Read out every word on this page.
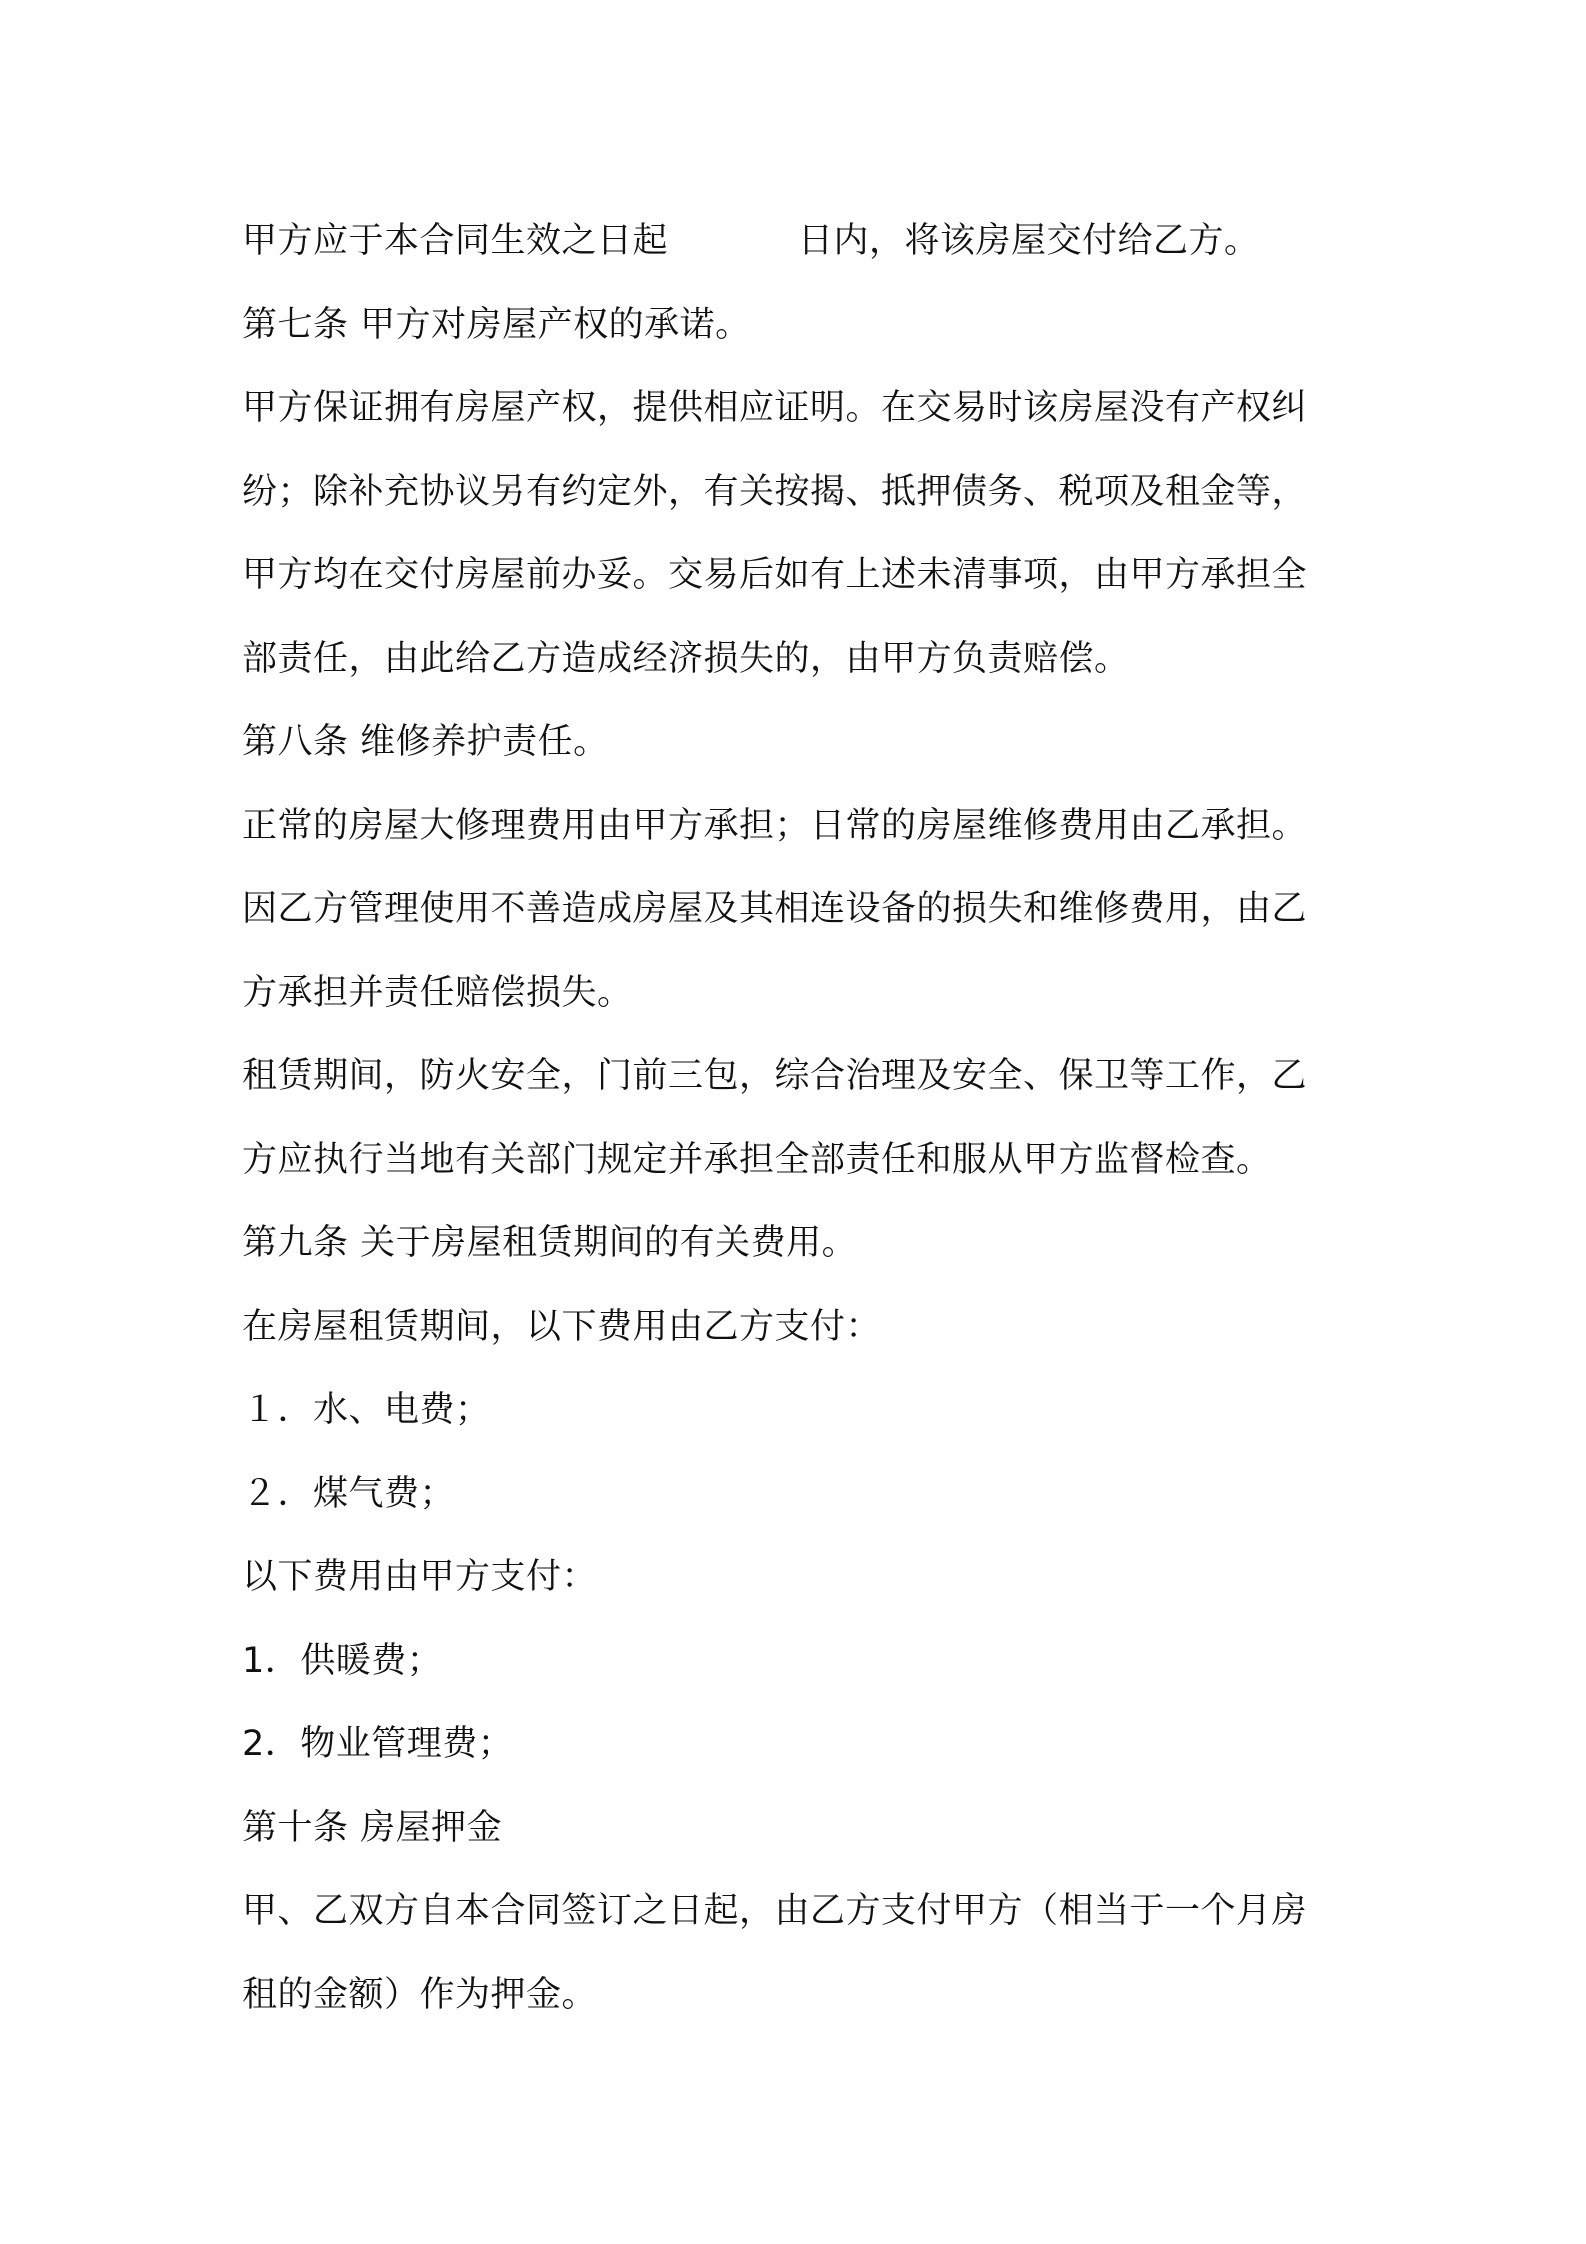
甲方应于本合同生效之日起	日内，将该房屋交付给乙方。
第七条 甲方对房屋产权的承诺。
甲方保证拥有房屋产权，提供相应证明。在交易时该房屋没有产权纠
纷；除补充协议另有约定外，有关按揭、抵押债务、税项及租金等，
甲方均在交付房屋前办妥。交易后如有上述未清事项，由甲方承担全
部责任，由此给乙方造成经济损失的，由甲方负责赔偿。
第八条 维修养护责任。
正常的房屋大修理费用由甲方承担；日常的房屋维修费用由乙承担。
因乙方管理使用不善造成房屋及其相连设备的损失和维修费用，由乙
方承担并责任赔偿损失。
租赁期间，防火安全，门前三包，综合治理及安全、保卫等工作，乙
方应执行当地有关部门规定并承担全部责任和服从甲方监督检查。
第九条 关于房屋租赁期间的有关费用。
在房屋租赁期间，以下费用由乙方支付：
１．水、电费；
２．煤气费；
以下费用由甲方支付：
1．供暖费；
2．物业管理费；
第十条 房屋押金
甲、乙双方自本合同签订之日起，由乙方支付甲方（相当于一个月房
租的金额）作为押金。
